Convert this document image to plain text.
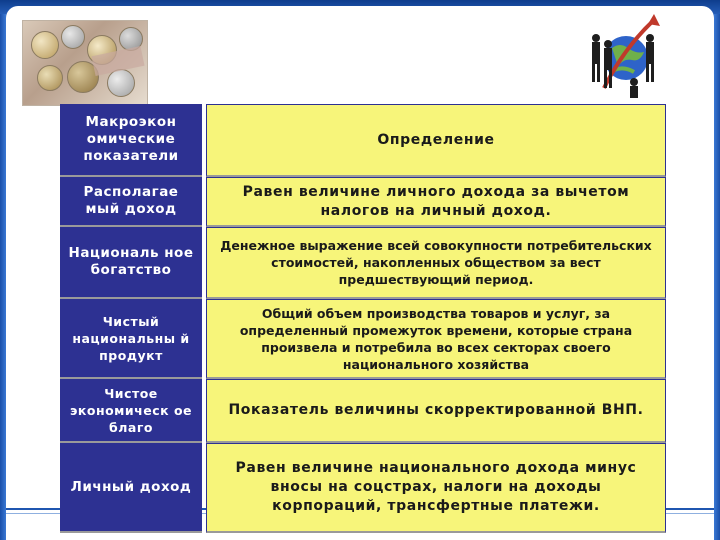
Макроэкон омические показатели
Определение
Располагае мый доход
Равен величине личного дохода за вычетом налогов на личный доход.
Националь ное богатство
Денежное выражение всей совокупности потребительских стоимостей, накопленных обществом за вест предшествующий период.
Чистый национальны й продукт
Общий объем производства товаров и услуг, за определенный промежуток времени, которые страна произвела и потребила во всех секторах своего национального хозяйства
Чистое экономическ ое благо
Показатель величины скорректированной ВНП.
Личный доход
Равен величине национального дохода минус вносы на соцстрах, налоги на доходы корпораций, трансфертные платежи.
